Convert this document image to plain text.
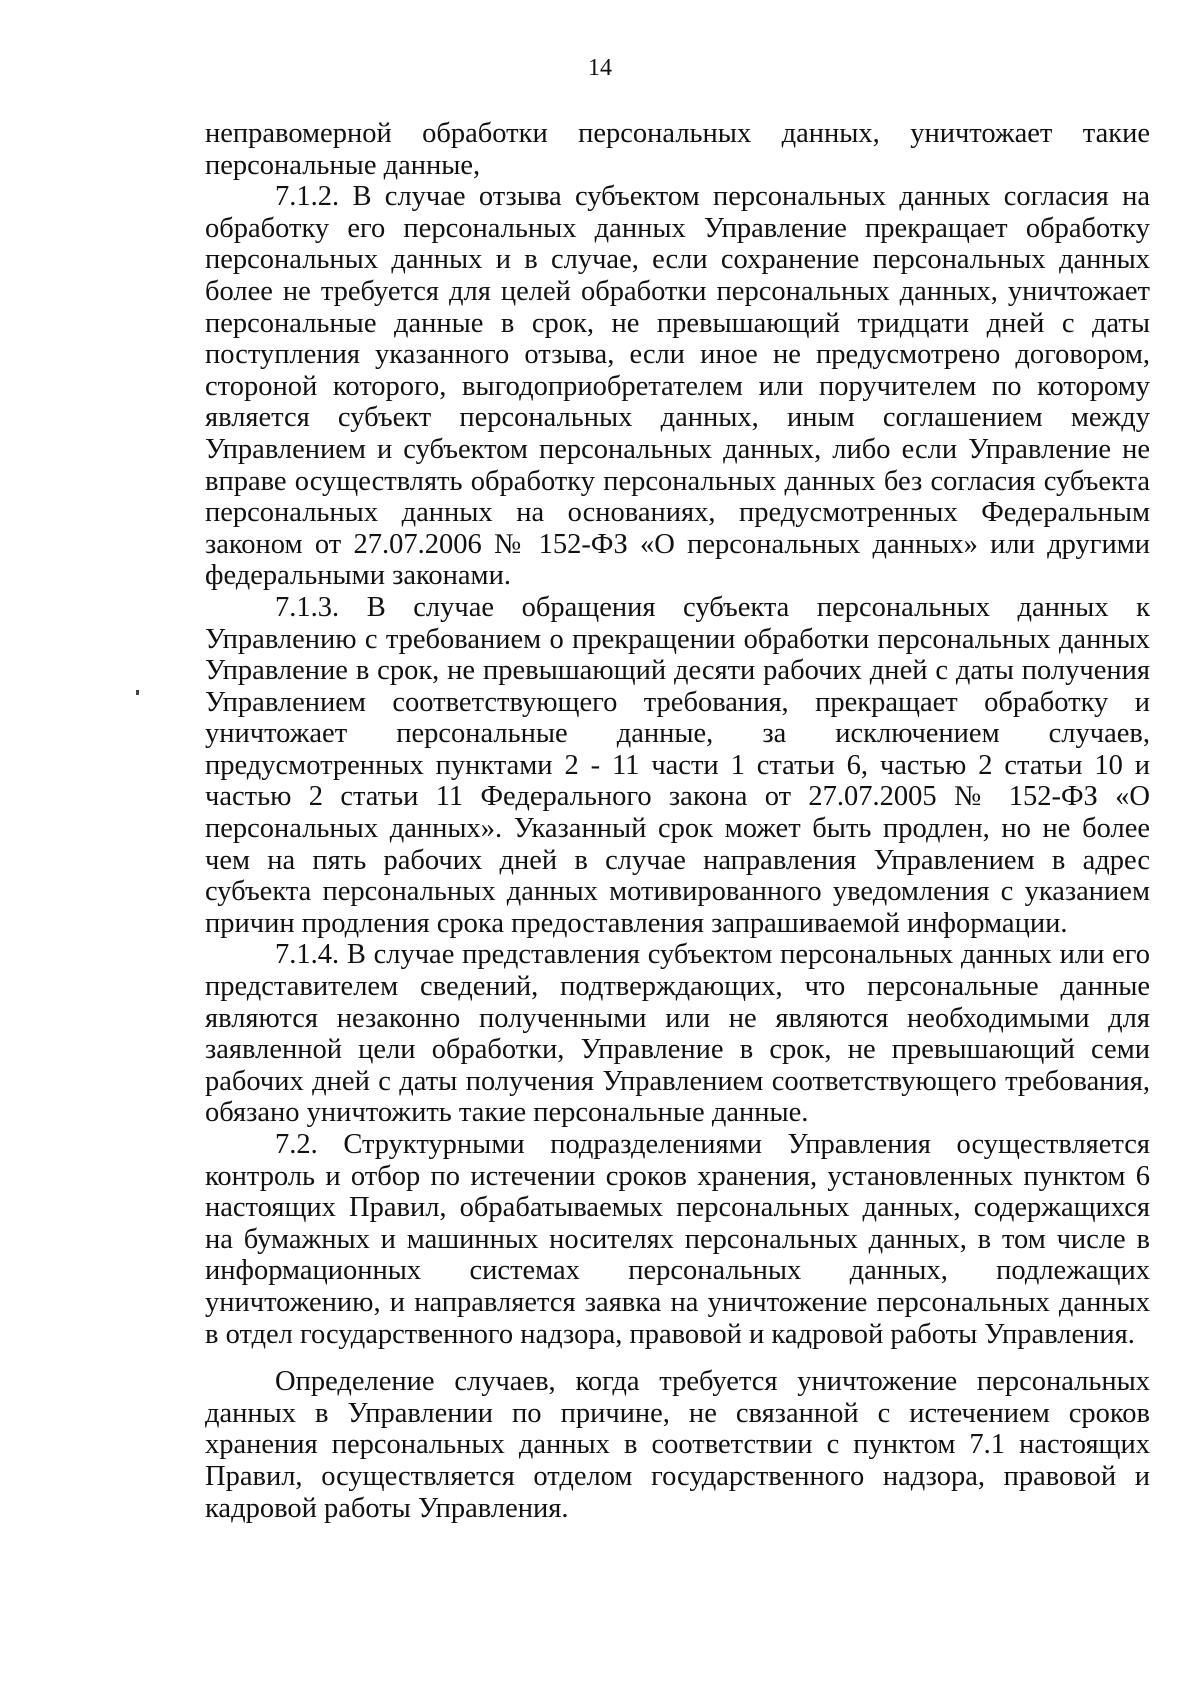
14

неправомерной обработки персональных данных, уничтожает такие персональные данные,

7.1.2. В случае отзыва субъектом персональных данных согласия на обработку его персональных данных Управление прекращает обработку персональных данных и в случае, если сохранение персональных данных более не требуется для целей обработки персональных данных, уничтожает персональные данные в срок, не превышающий тридцати дней с даты поступления указанного отзыва, если иное не предусмотрено договором, стороной которого, выгодоприобретателем или поручителем по которому является субъект персональных данных, иным соглашением между Управлением и субъектом персональных данных, либо если Управление не вправе осуществлять обработку персональных данных без согласия субъекта персональных данных на основаниях, предусмотренных Федеральным законом от 27.07.2006 № 152-ФЗ «О персональных данных» или другими федеральными законами.

7.1.3. В случае обращения субъекта персональных данных к Управлению с требованием о прекращении обработки персональных данных Управление в срок, не превышающий десяти рабочих дней с даты получения Управлением соответствующего требования, прекращает обработку и уничтожает персональные данные, за исключением случаев, предусмотренных пунктами 2 - 11 части 1 статьи 6, частью 2 статьи 10 и частью 2 статьи 11 Федерального закона от 27.07.2005 № 152-ФЗ «О персональных данных». Указанный срок может быть продлен, но не более чем на пять рабочих дней в случае направления Управлением в адрес субъекта персональных данных мотивированного уведомления с указанием причин продления срока предоставления запрашиваемой информации.

7.1.4. В случае представления субъектом персональных данных или его представителем сведений, подтверждающих, что персональные данные являются незаконно полученными или не являются необходимыми для заявленной цели обработки, Управление в срок, не превышающий семи рабочих дней с даты получения Управлением соответствующего требования, обязано уничтожить такие персональные данные.

7.2. Структурными подразделениями Управления осуществляется контроль и отбор по истечении сроков хранения, установленных пунктом 6 настоящих Правил, обрабатываемых персональных данных, содержащихся на бумажных и машинных носителях персональных данных, в том числе в информационных системах персональных данных, подлежащих уничтожению, и направляется заявка на уничтожение персональных данных в отдел государственного надзора, правовой и кадровой работы Управления.

Определение случаев, когда требуется уничтожение персональных данных в Управлении по причине, не связанной с истечением сроков хранения персональных данных в соответствии с пунктом 7.1 настоящих Правил, осуществляется отделом государственного надзора, правовой и кадровой работы Управления.
